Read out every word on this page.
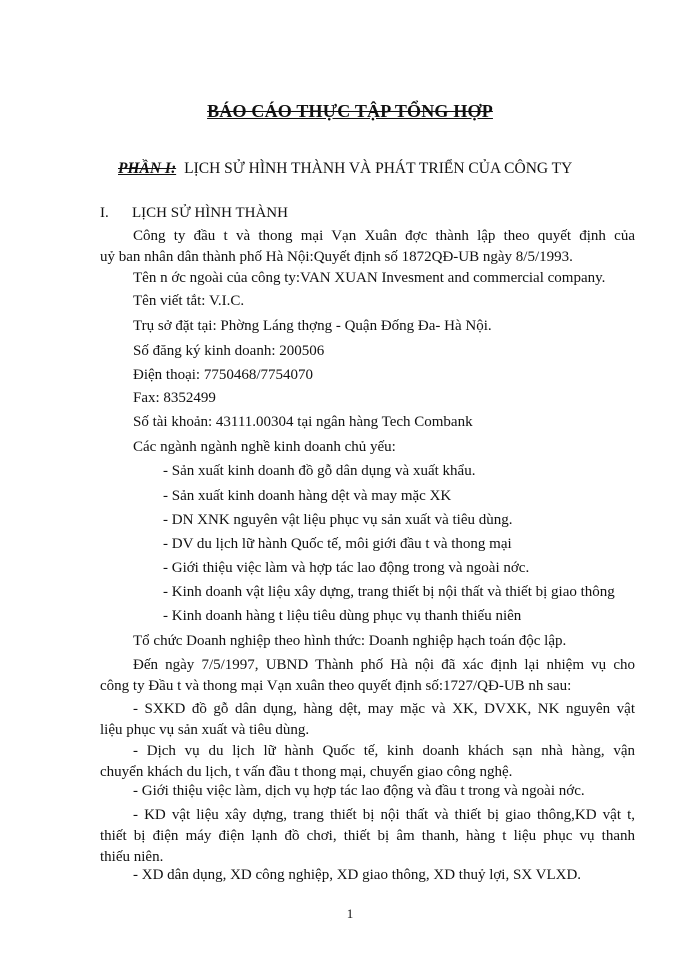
BÁO CÁO THỰC TẬP TỔNG HỢP
PHẦN I: LỊCH SỬ HÌNH THÀNH VÀ PHÁT TRIỂN CỦA CÔNG TY
I. LỊCH SỬ HÌNH THÀNH
Công ty đầu t và thong mại Vạn Xuân đợc thành lập theo quyết định của
uỷ ban nhân dân thành phố Hà Nội:Quyết định số 1872QĐ-UB ngày 8/5/1993.
Tên n ớc ngoài của công ty:VAN XUAN Invesment and commercial company.
Tên viết tắt: V.I.C.
Trụ sở đặt tại: Phờng Láng thợng - Quận Đống Đa- Hà Nội.
Số đăng ký kinh doanh: 200506
Điện thoại: 7750468/7754070
Fax: 8352499
Số tài khoản: 43111.00304 tại ngân hàng Tech Combank
Các ngành ngành nghề kinh doanh chủ yếu:
- Sản xuất kinh doanh đồ gỗ dân dụng và xuất khẩu.
- Sản xuất kinh doanh hàng dệt và may mặc XK
- DN XNK nguyên vật liệu phục vụ sản xuất và tiêu dùng.
- DV du lịch lữ hành Quốc tế, môi giới đầu t và thong mại
- Giới thiệu việc làm và hợp tác lao động trong và ngoài nớc.
- Kinh doanh vật liệu xây dựng, trang thiết bị nội thất và thiết bị giao thông
- Kinh doanh hàng t liệu tiêu dùng phục vụ thanh thiếu niên
Tổ chức Doanh nghiệp theo hình thức: Doanh nghiệp hạch toán độc lập.
Đến ngày 7/5/1997, UBND Thành phố Hà nội đã xác định lại nhiệm vụ cho
công ty Đầu t và thong mại Vạn xuân theo quyết định số:1727/QĐ-UB nh sau:
- SXKD đồ gỗ dân dụng, hàng dệt, may mặc và XK, DVXK, NK nguyên vật
liệu phục vụ sản xuất và tiêu dùng.
- Dịch vụ du lịch lữ hành Quốc tế, kinh doanh khách sạn nhà hàng, vận
chuyển khách du lịch, t vấn đầu t thong mại, chuyển giao công nghệ.
- Giới thiệu việc làm, dịch vụ hợp tác lao động và đầu t trong và ngoài nớc.
- KD vật liệu xây dựng, trang thiết bị nội thất và thiết bị giao thông,KD vật t,
thiết bị điện máy điện lạnh đồ chơi, thiết bị âm thanh, hàng t liệu phục vụ thanh
thiếu niên.
- XD dân dụng, XD công nghiệp, XD giao thông, XD thuỷ lợi, SX VLXD.
1
